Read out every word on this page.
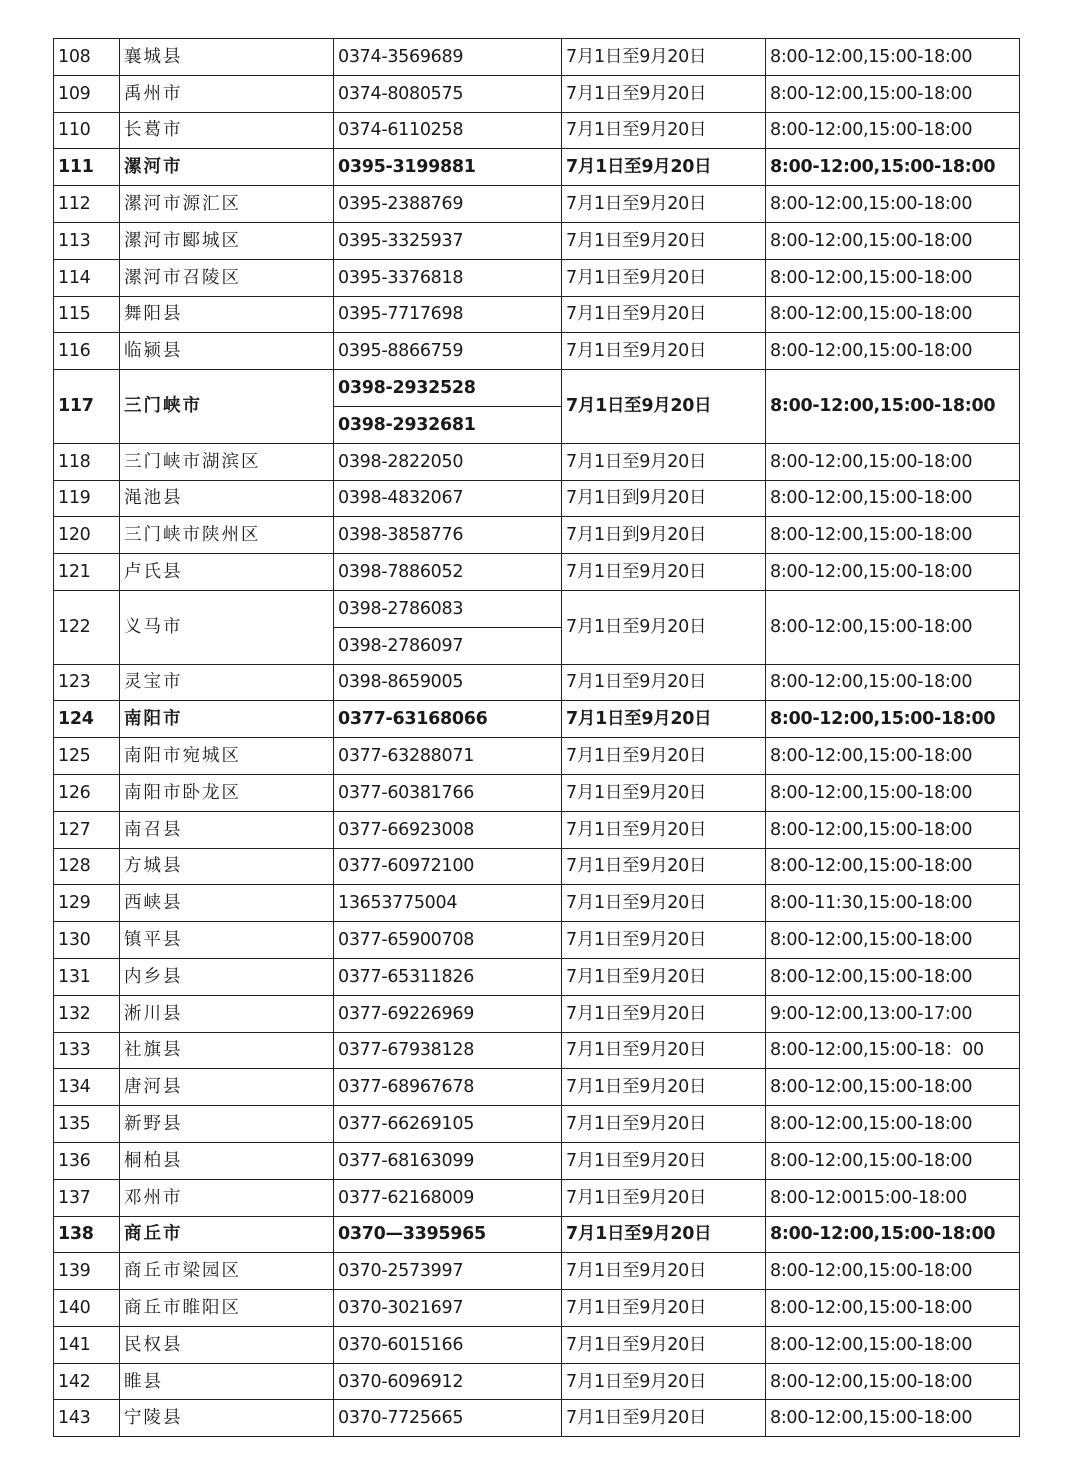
108	襄城县	0374-3569689	7月1日至9月20日	8:00-12:00,15:00-18:00
109	禹州市	0374-8080575	7月1日至9月20日	8:00-12:00,15:00-18:00
110	长葛市	0374-6110258	7月1日至9月20日	8:00-12:00,15:00-18:00
111	漯河市	0395-3199881	7月1日至9月20日	8:00-12:00,15:00-18:00
112	漯河市源汇区	0395-2388769	7月1日至9月20日	8:00-12:00,15:00-18:00
113	漯河市郾城区	0395-3325937	7月1日至9月20日	8:00-12:00,15:00-18:00
114	漯河市召陵区	0395-3376818	7月1日至9月20日	8:00-12:00,15:00-18:00
115	舞阳县	0395-7717698	7月1日至9月20日	8:00-12:00,15:00-18:00
116	临颍县	0395-8866759	7月1日至9月20日	8:00-12:00,15:00-18:00
117	三门峡市	0398-2932528	7月1日至9月20日	8:00-12:00,15:00-18:00
		0398-2932681		
118	三门峡市湖滨区	0398-2822050	7月1日至9月20日	8:00-12:00,15:00-18:00
119	渑池县	0398-4832067	7月1日到9月20日	8:00-12:00,15:00-18:00
120	三门峡市陕州区	0398-3858776	7月1日到9月20日	8:00-12:00,15:00-18:00
121	卢氏县	0398-7886052	7月1日至9月20日	8:00-12:00,15:00-18:00
122	义马市	0398-2786083	7月1日至9月20日	8:00-12:00,15:00-18:00
		0398-2786097		
123	灵宝市	0398-8659005	7月1日至9月20日	8:00-12:00,15:00-18:00
124	南阳市	0377-63168066	7月1日至9月20日	8:00-12:00,15:00-18:00
125	南阳市宛城区	0377-63288071	7月1日至9月20日	8:00-12:00,15:00-18:00
126	南阳市卧龙区	0377-60381766	7月1日至9月20日	8:00-12:00,15:00-18:00
127	南召县	0377-66923008	7月1日至9月20日	8:00-12:00,15:00-18:00
128	方城县	0377-60972100	7月1日至9月20日	8:00-12:00,15:00-18:00
129	西峡县	13653775004	7月1日至9月20日	8:00-11:30,15:00-18:00
130	镇平县	0377-65900708	7月1日至9月20日	8:00-12:00,15:00-18:00
131	内乡县	0377-65311826	7月1日至9月20日	8:00-12:00,15:00-18:00
132	淅川县	0377-69226969	7月1日至9月20日	9:00-12:00,13:00-17:00
133	社旗县	0377-67938128	7月1日至9月20日	8:00-12:00,15:00-18：00
134	唐河县	0377-68967678	7月1日至9月20日	8:00-12:00,15:00-18:00
135	新野县	0377-66269105	7月1日至9月20日	8:00-12:00,15:00-18:00
136	桐柏县	0377-68163099	7月1日至9月20日	8:00-12:00,15:00-18:00
137	邓州市	0377-62168009	7月1日至9月20日	8:00-12:0015:00-18:00
138	商丘市	0370—3395965	7月1日至9月20日	8:00-12:00,15:00-18:00
139	商丘市梁园区	0370-2573997	7月1日至9月20日	8:00-12:00,15:00-18:00
140	商丘市睢阳区	0370-3021697	7月1日至9月20日	8:00-12:00,15:00-18:00
141	民权县	0370-6015166	7月1日至9月20日	8:00-12:00,15:00-18:00
142	睢县	0370-6096912	7月1日至9月20日	8:00-12:00,15:00-18:00
143	宁陵县	0370-7725665	7月1日至9月20日	8:00-12:00,15:00-18:00
